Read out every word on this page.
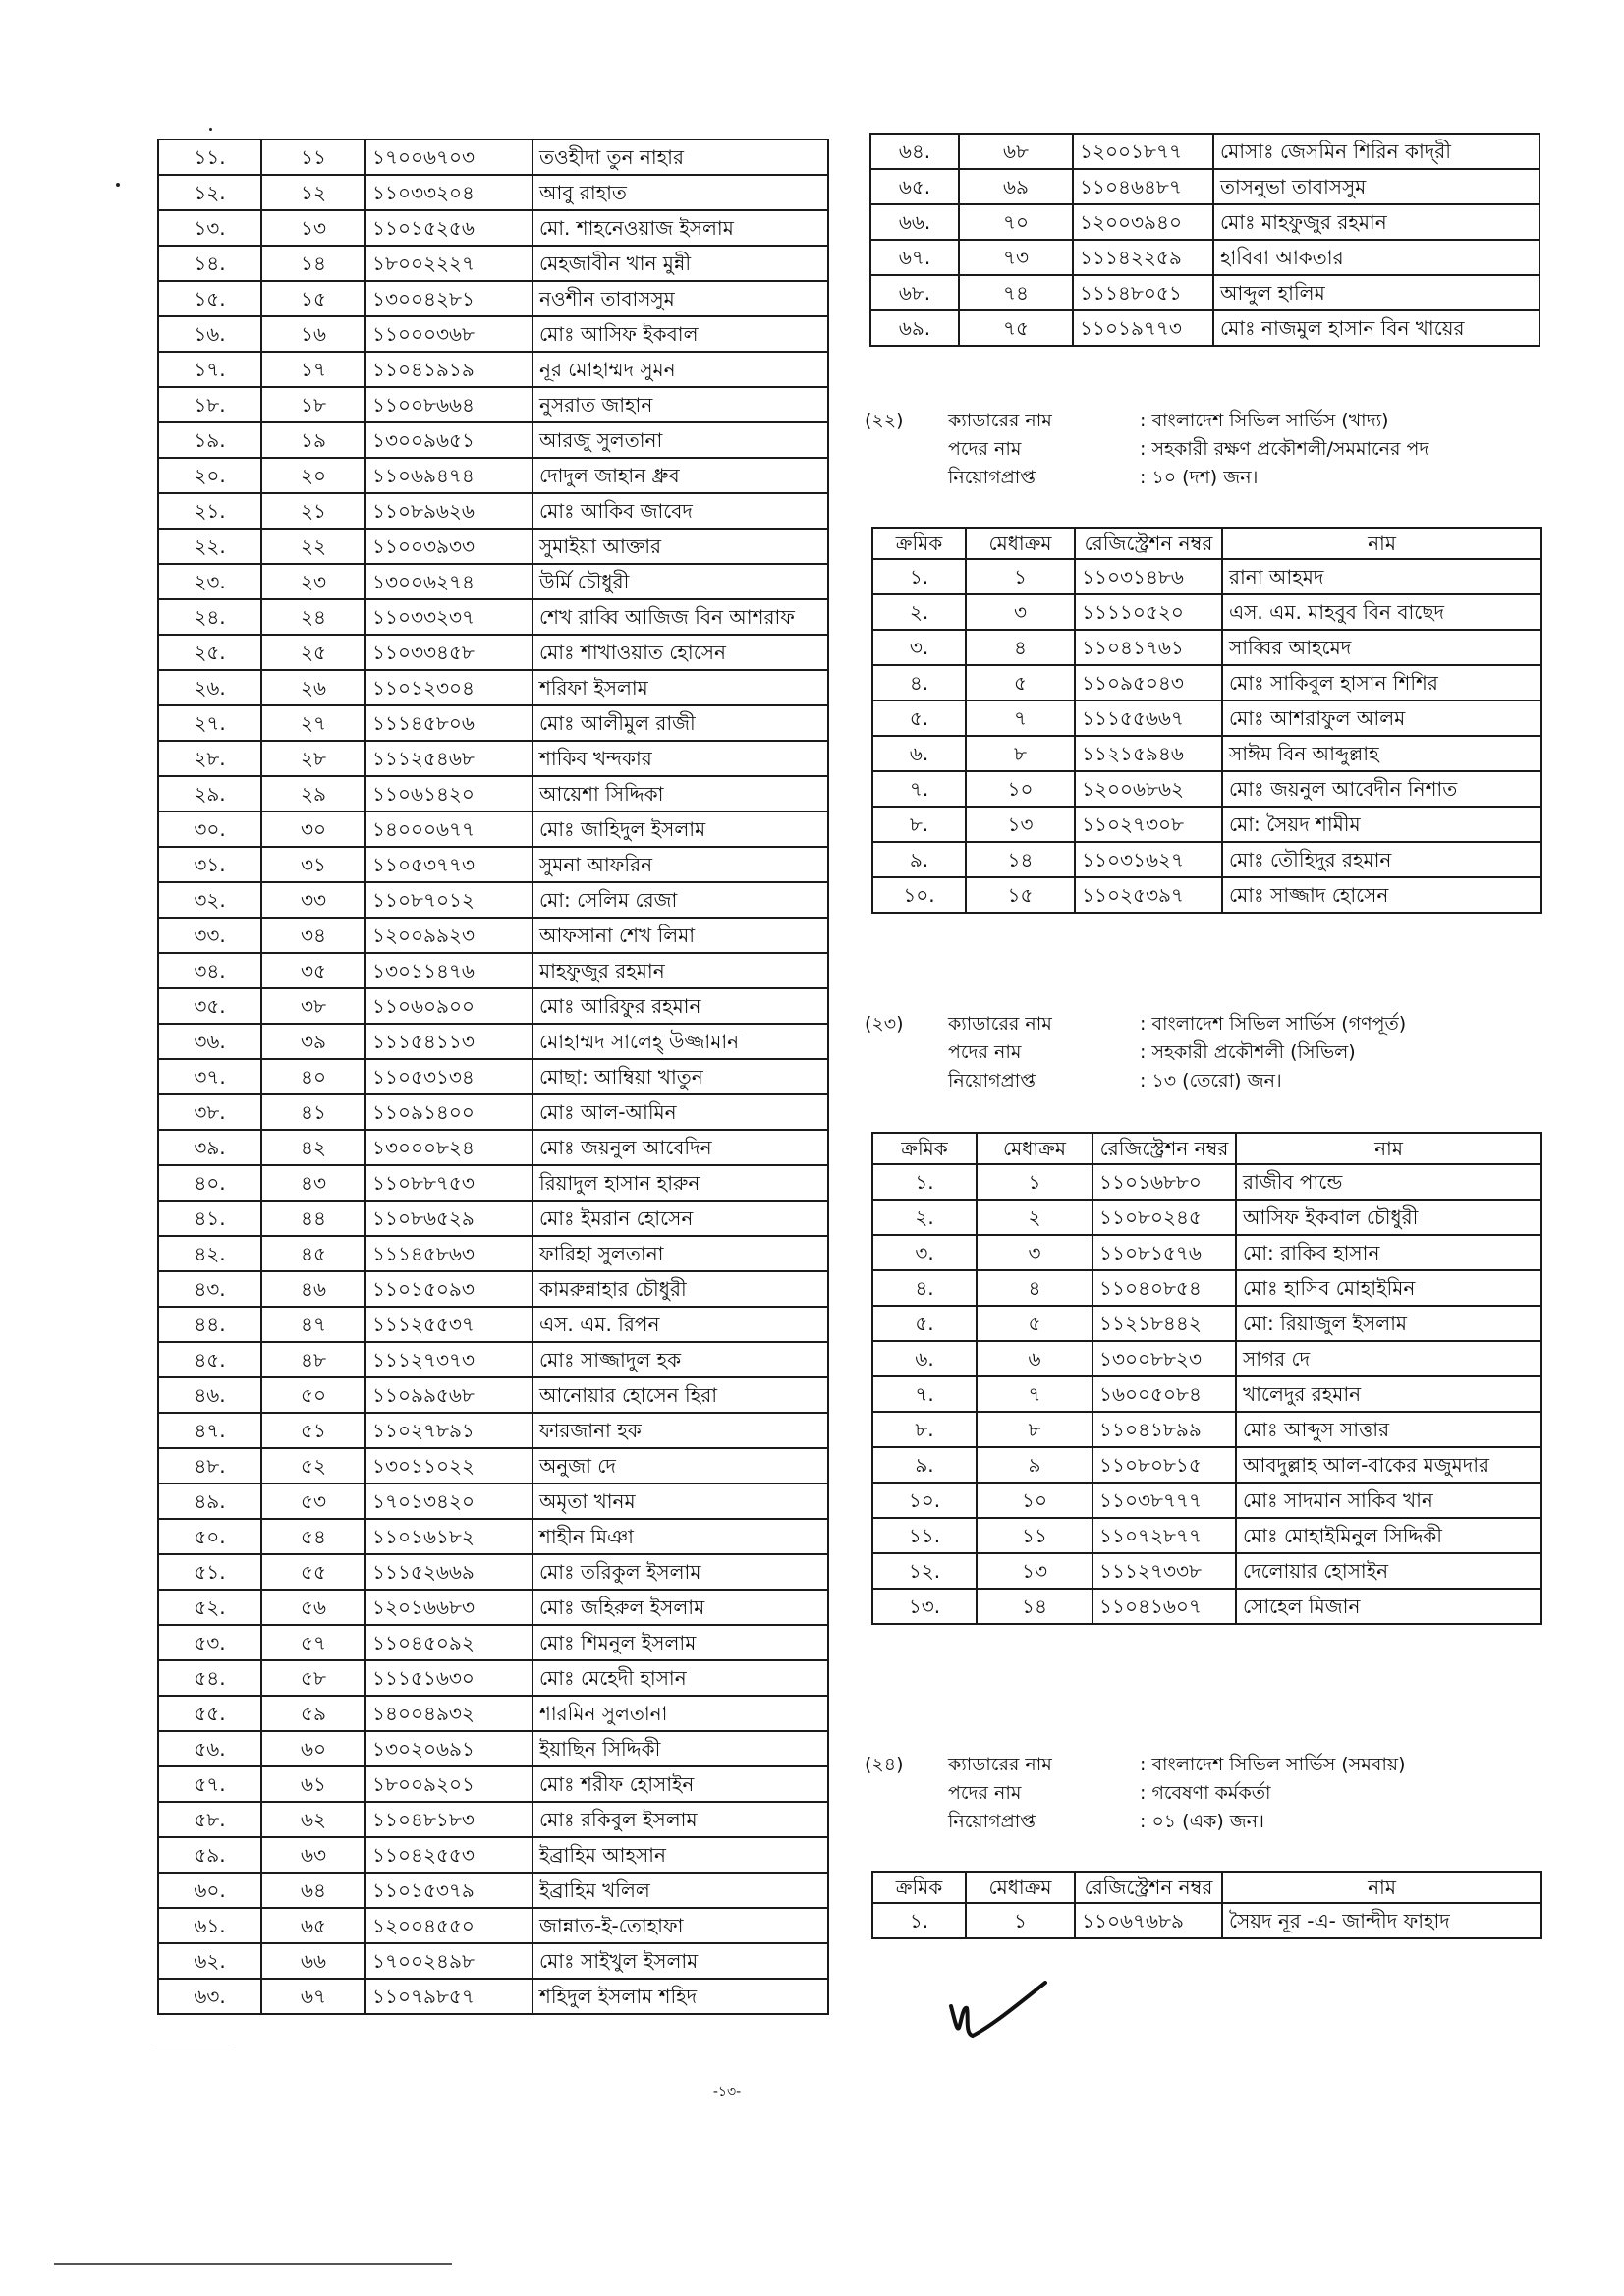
১১.	১১	১৭০০৬৭০৩	তওহীদা তুন নাহার
১২.	১২	১১০৩৩২০৪	আবু রাহাত
১৩.	১৩	১১০১৫২৫৬	মো. শাহনেওয়াজ ইসলাম
১৪.	১৪	১৮০০২২২৭	মেহজাবীন খান মুন্নী
১৫.	১৫	১৩০০৪২৮১	নওশীন তাবাসসুম
১৬.	১৬	১১০০০৩৬৮	মোঃ আসিফ ইকবাল
১৭.	১৭	১১০৪১৯১৯	নূর মোহাম্মদ সুমন
১৮.	১৮	১১০০৮৬৬৪	নুসরাত জাহান
১৯.	১৯	১৩০০৯৬৫১	আরজু সুলতানা
২০.	২০	১১০৬৯৪৭৪	দোদুল জাহান ধ্রুব
২১.	২১	১১০৮৯৬২৬	মোঃ আকিব জাবেদ
২২.	২২	১১০০৩৯৩৩	সুমাইয়া আক্তার
২৩.	২৩	১৩০০৬২৭৪	উর্মি চৌধুরী
২৪.	২৪	১১০৩৩২৩৭	শেখ রাব্বি আজিজ বিন আশরাফ
২৫.	২৫	১১০৩৩৪৫৮	মোঃ শাখাওয়াত হোসেন
২৬.	২৬	১১০১২৩০৪	শরিফা ইসলাম
২৭.	২৭	১১১৪৫৮০৬	মোঃ আলীমুল রাজী
২৮.	২৮	১১১২৫৪৬৮	শাকিব খন্দকার
২৯.	২৯	১১০৬১৪২০	আয়েশা সিদ্দিকা
৩০.	৩০	১৪০০০৬৭৭	মোঃ জাহিদুল ইসলাম
৩১.	৩১	১১০৫৩৭৭৩	সুমনা আফরিন
৩২.	৩৩	১১০৮৭০১২	মো: সেলিম রেজা
৩৩.	৩৪	১২০০৯৯২৩	আফসানা শেখ লিমা
৩৪.	৩৫	১৩০১১৪৭৬	মাহফুজুর রহমান
৩৫.	৩৮	১১০৬০৯০০	মোঃ আরিফুর রহমান
৩৬.	৩৯	১১১৫৪১১৩	মোহাম্মদ সালেহ্ উজ্জামান
৩৭.	৪০	১১০৫৩১৩৪	মোছা: আম্বিয়া খাতুন
৩৮.	৪১	১১০৯১৪০০	মোঃ আল-আমিন
৩৯.	৪২	১৩০০০৮২৪	মোঃ জয়নুল আবেদিন
৪০.	৪৩	১১০৮৮৭৫৩	রিয়াদুল হাসান হারুন
৪১.	৪৪	১১০৮৬৫২৯	মোঃ ইমরান হোসেন
৪২.	৪৫	১১১৪৫৮৬৩	ফারিহা সুলতানা
৪৩.	৪৬	১১০১৫০৯৩	কামরুন্নাহার চৌধুরী
৪৪.	৪৭	১১১২৫৫৩৭	এস. এম. রিপন
৪৫.	৪৮	১১১২৭৩৭৩	মোঃ সাজ্জাদুল হক
৪৬.	৫০	১১০৯৯৫৬৮	আনোয়ার হোসেন হিরা
৪৭.	৫১	১১০২৭৮৯১	ফারজানা হক
৪৮.	৫২	১৩০১১০২২	অনুজা দে
৪৯.	৫৩	১৭০১৩৪২০	অমৃতা খানম
৫০.	৫৪	১১০১৬১৮২	শাহীন মিঞা
৫১.	৫৫	১১১৫২৬৬৯	মোঃ তরিকুল ইসলাম
৫২.	৫৬	১২০১৬৬৮৩	মোঃ জহিরুল ইসলাম
৫৩.	৫৭	১১০৪৫০৯২	মোঃ শিমনুল ইসলাম
৫৪.	৫৮	১১১৫১৬৩০	মোঃ মেহেদী হাসান
৫৫.	৫৯	১৪০০৪৯৩২	শারমিন সুলতানা
৫৬.	৬০	১৩০২০৬৯১	ইয়াছিন সিদ্দিকী
৫৭.	৬১	১৮০০৯২০১	মোঃ শরীফ হোসাইন
৫৮.	৬২	১১০৪৮১৮৩	মোঃ রকিবুল ইসলাম
৫৯.	৬৩	১১০৪২৫৫৩	ইব্রাহিম আহসান
৬০.	৬৪	১১০১৫৩৭৯	ইব্রাহিম খলিল
৬১.	৬৫	১২০০৪৫৫০	জান্নাত-ই-তোহাফা
৬২.	৬৬	১৭০০২৪৯৮	মোঃ সাইখুল ইসলাম
৬৩.	৬৭	১১০৭৯৮৫৭	শহিদুল ইসলাম শহিদ
৬৪.	৬৮	১২০০১৮৭৭	মোসাঃ জেসমিন শিরিন কাদ্‌রী
৬৫.	৬৯	১১০৪৬৪৮৭	তাসনুভা তাবাসসুম
৬৬.	৭০	১২০০৩৯৪০	মোঃ মাহফুজুর রহমান
৬৭.	৭৩	১১১৪২২৫৯	হাবিবা আকতার
৬৮.	৭৪	১১১৪৮০৫১	আব্দুল হালিম
৬৯.	৭৫	১১০১৯৭৭৩	মোঃ নাজমুল হাসান বিন খায়ের
(২২)	ক্যাডারের নাম	: বাংলাদেশ সিভিল সার্ভিস (খাদ্য)
পদের নাম	: সহকারী রক্ষণ প্রকৌশলী/সমমানের পদ
নিয়োগপ্রাপ্ত	: ১০ (দশ) জন।
ক্রমিক	মেধাক্রম	রেজিস্ট্রেশন নম্বর	নাম
১.	১	১১০৩১৪৮৬	রানা আহমদ
২.	৩	১১১১০৫২০	এস. এম. মাহবুব বিন বাছেদ
৩.	৪	১১০৪১৭৬১	সাব্বির আহমেদ
৪.	৫	১১০৯৫০৪৩	মোঃ সাকিবুল হাসান শিশির
৫.	৭	১১১৫৫৬৬৭	মোঃ আশরাফুল আলম
৬.	৮	১১২১৫৯৪৬	সাঈম বিন আব্দুল্লাহ
৭.	১০	১২০০৬৮৬২	মোঃ জয়নুল আবেদীন নিশাত
৮.	১৩	১১০২৭৩০৮	মো: সৈয়দ শামীম
৯.	১৪	১১০৩১৬২৭	মোঃ তৌহিদুর রহমান
১০.	১৫	১১০২৫৩৯৭	মোঃ সাজ্জাদ হোসেন
(২৩)	ক্যাডারের নাম	: বাংলাদেশ সিভিল সার্ভিস (গণপূর্ত)
পদের নাম	: সহকারী প্রকৌশলী (সিভিল)
নিয়োগপ্রাপ্ত	: ১৩ (তেরো) জন।
ক্রমিক	মেধাক্রম	রেজিস্ট্রেশন নম্বর	নাম
১.	১	১১০১৬৮৮০	রাজীব পান্ডে
২.	২	১১০৮০২৪৫	আসিফ ইকবাল চৌধুরী
৩.	৩	১১০৮১৫৭৬	মো: রাকিব হাসান
৪.	৪	১১০৪০৮৫৪	মোঃ হাসিব মোহাইমিন
৫.	৫	১১২১৮৪৪২	মো: রিয়াজুল ইসলাম
৬.	৬	১৩০০৮৮২৩	সাগর দে
৭.	৭	১৬০০৫০৮৪	খালেদুর রহমান
৮.	৮	১১০৪১৮৯৯	মোঃ আব্দুস সাত্তার
৯.	৯	১১০৮০৮১৫	আবদুল্লাহ আল-বাকের মজুমদার
১০.	১০	১১০৩৮৭৭৭	মোঃ সাদমান সাকিব খান
১১.	১১	১১০৭২৮৭৭	মোঃ মোহাইমিনুল সিদ্দিকী
১২.	১৩	১১১২৭৩৩৮	দেলোয়ার হোসাইন
১৩.	১৪	১১০৪১৬০৭	সোহেল মিজান
(২৪)	ক্যাডারের নাম	: বাংলাদেশ সিভিল সার্ভিস (সমবায়)
পদের নাম	: গবেষণা কর্মকর্তা
নিয়োগপ্রাপ্ত	: ০১ (এক) জন।
ক্রমিক	মেধাক্রম	রেজিস্ট্রেশন নম্বর	নাম
১.	১	১১০৬৭৬৮৯	সৈয়দ নূর -এ- জান্দীদ ফাহাদ
-১৩-
